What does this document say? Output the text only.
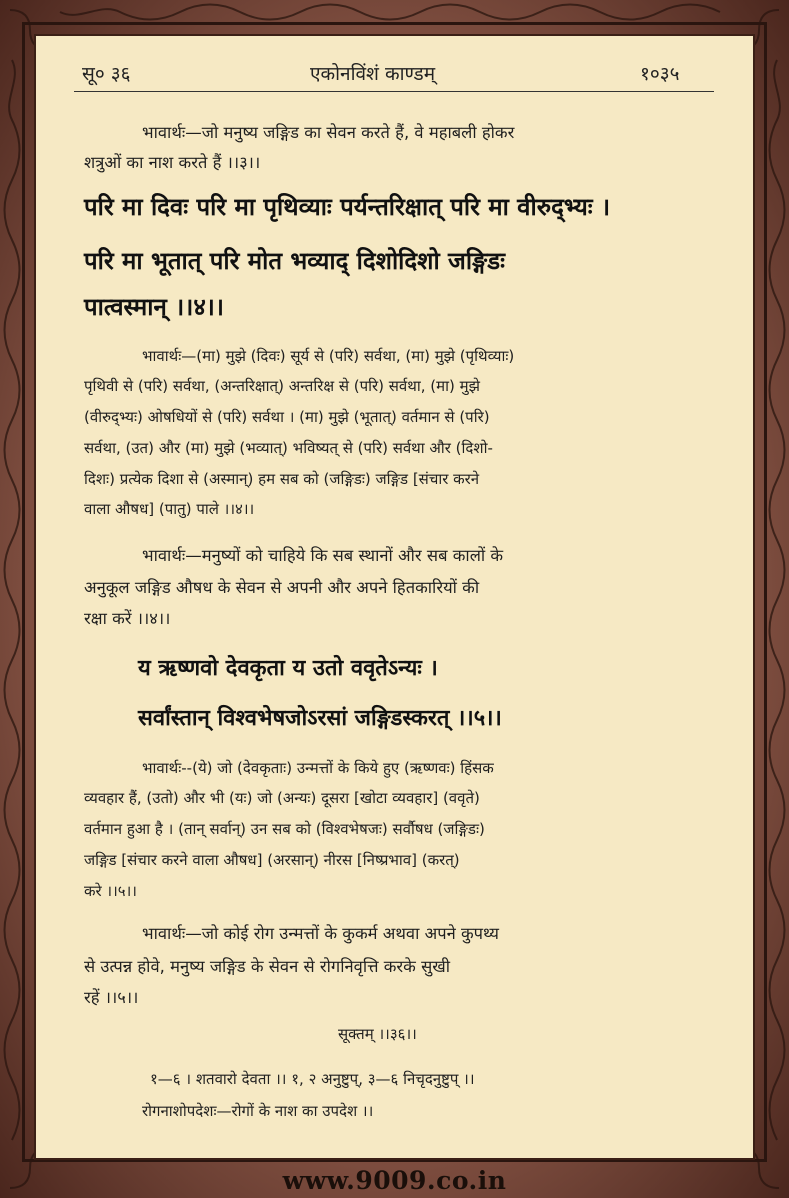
सू० ३६	एकोनविंशं काण्डम्	१०३५
भावार्थः—जो मनुष्य जङ्गिड का सेवन करते हैं, वे महाबली होकर
शत्रुओं का नाश करते हैं ।।३।।
परि मा दिवः परि मा पृथिव्याः पर्यन्तरिक्षात् परि मा वीरुद्भ्यः ।
परि मा भूतात् परि मोत भव्याद् दिशोदिशो जङ्गिडः
पात्वस्मान् ।।४।।
भावार्थः—(मा) मुझे (दिवः) सूर्य से (परि) सर्वथा, (मा) मुझे (पृथिव्याः)
पृथिवी से (परि) सर्वथा, (अन्तरिक्षात्) अन्तरिक्ष से (परि) सर्वथा, (मा) मुझे
(वीरुद्भ्यः) ओषधियों से (परि) सर्वथा । (मा) मुझे (भूतात्) वर्तमान से (परि)
सर्वथा, (उत) और (मा) मुझे (भव्यात्) भविष्यत् से (परि) सर्वथा और (दिशो-
दिशः) प्रत्येक दिशा से (अस्मान्) हम सब को (जङ्गिडः) जङ्गिड [संचार करने
वाला औषध] (पातु) पाले ।।४।।
भावार्थः—मनुष्यों को चाहिये कि सब स्थानों और सब कालों के
अनुकूल जङ्गिड औषध के सेवन से अपनी और अपने हितकारियों की
रक्षा करें ।।४।।
य ऋष्णवो देवकृता य उतो ववृतेऽन्यः ।
सर्वांस्तान् विश्वभेषजोऽरसां जङ्गिडस्करत् ।।५।।
भावार्थः--(ये) जो (देवकृताः) उन्मत्तों के किये हुए (ऋष्णवः) हिंसक
व्यवहार हैं, (उतो) और भी (यः) जो (अन्यः) दूसरा [खोटा व्यवहार] (ववृते)
वर्तमान हुआ है । (तान् सर्वान्) उन सब को (विश्वभेषजः) सर्वौषध (जङ्गिडः)
जङ्गिड [संचार करने वाला औषध] (अरसान्) नीरस [निष्प्रभाव] (करत्)
करे ।।५।।
भावार्थः—जो कोई रोग उन्मत्तों के कुकर्म अथवा अपने कुपथ्य
से उत्पन्न होवे, मनुष्य जङ्गिड के सेवन से रोगनिवृत्ति करके सुखी
रहें ।।५।।
सूक्तम् ।।३६।।
१—६ । शतवारो देवता ।। १, २ अनुष्टुप्, ३—६ निचृदनुष्टुप् ।।
रोगनाशोपदेशः—रोगों के नाश का उपदेश ।।
www.9009.co.in
